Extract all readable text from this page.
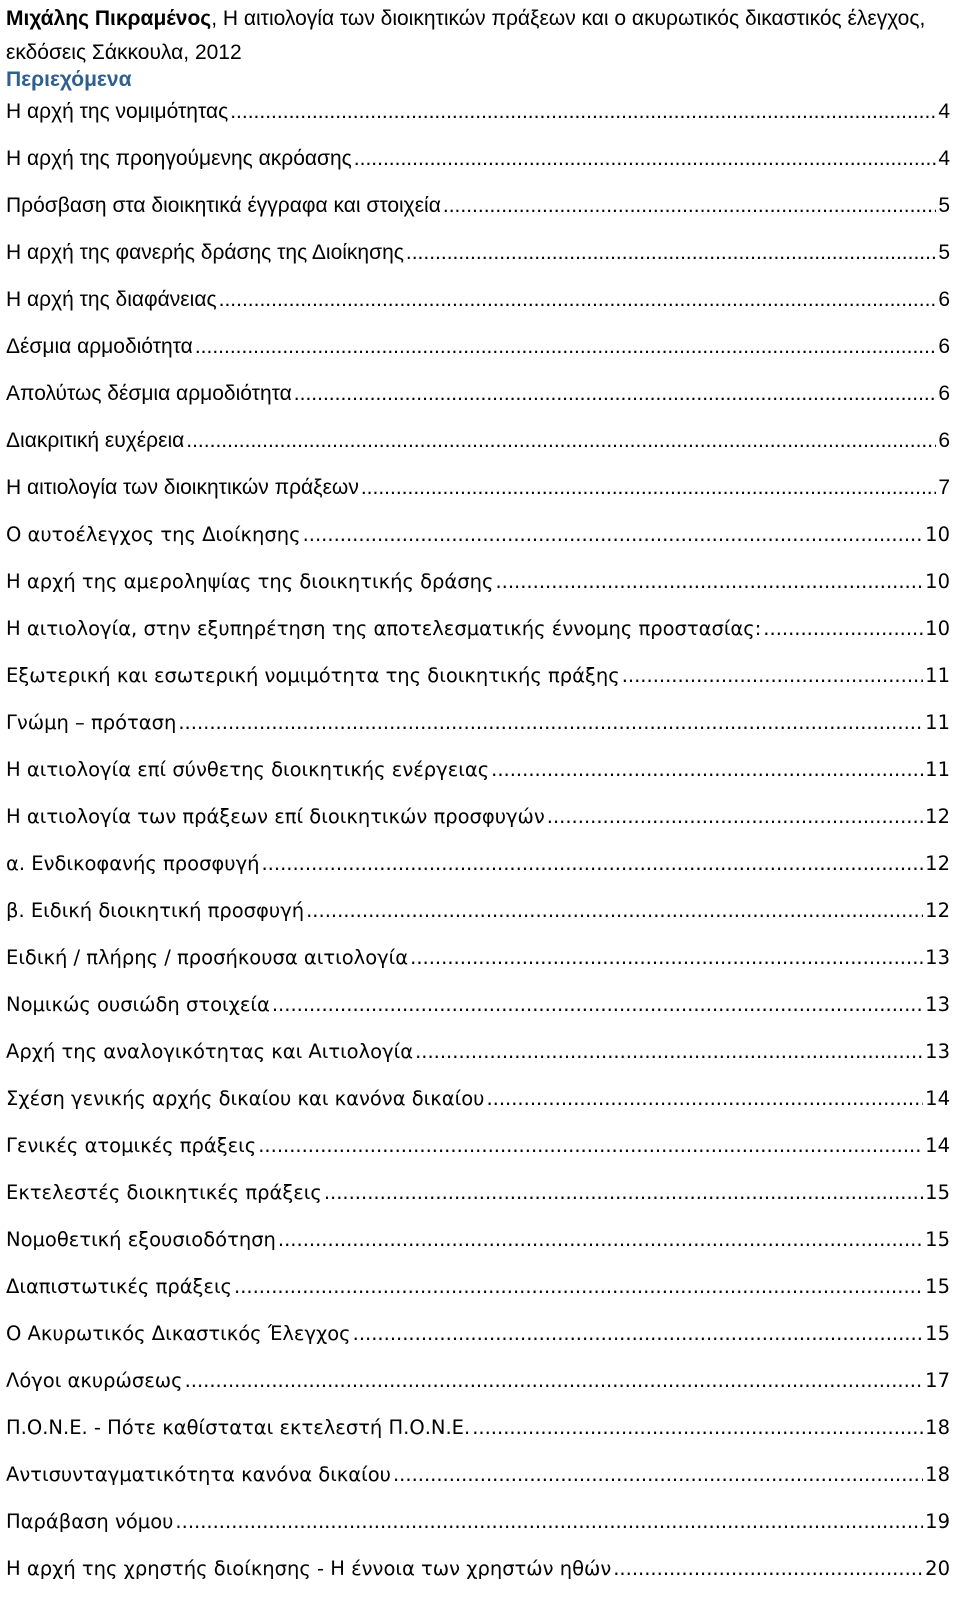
Μιχάλης Πικραμένος, Η αιτιολογία των διοικητικών πράξεων και ο ακυρωτικός δικαστικός έλεγχος, εκδόσεις Σάκκουλα, 2012
Περιεχόμενα
Η αρχή της νομιμότητας .....	4
Η αρχή της προηγούμενης ακρόασης .....	4
Πρόσβαση στα διοικητικά έγγραφα και στοιχεία .....	5
Η αρχή της φανερής δράσης της Διοίκησης .....	5
Η αρχή της διαφάνειας .....	6
Δέσμια αρμοδιότητα .....	6
Απολύτως δέσμια αρμοδιότητα .....	6
Διακριτική ευχέρεια .....	6
Η αιτιολογία των διοικητικών πράξεων .....	7
Ο αυτοέλεγχος της Διοίκησης .....	10
Η αρχή της αμεροληψίας της διοικητικής δράσης .....	10
Η αιτιολογία, στην εξυπηρέτηση της αποτελεσματικής έννομης προστασίας: .....	10
Εξωτερική και εσωτερική νομιμότητα της διοικητικής πράξης .....	11
Γνώμη – πρόταση .....	11
Η αιτιολογία επί σύνθετης διοικητικής ενέργειας .....	11
Η αιτιολογία των πράξεων επί διοικητικών προσφυγών .....	12
α. Ενδικοφανής προσφυγή .....	12
β. Ειδική διοικητική προσφυγή .....	12
Ειδική / πλήρης / προσήκουσα αιτιολογία .....	13
Νομικώς ουσιώδη στοιχεία .....	13
Αρχή της αναλογικότητας και Αιτιολογία .....	13
Σχέση γενικής αρχής δικαίου και κανόνα δικαίου .....	14
Γενικές ατομικές πράξεις .....	14
Εκτελεστές διοικητικές πράξεις .....	15
Νομοθετική εξουσιοδότηση .....	15
Διαπιστωτικές πράξεις .....	15
Ο Ακυρωτικός Δικαστικός Έλεγχος .....	15
Λόγοι ακυρώσεως .....	17
Π.Ο.Ν.Ε. - Πότε καθίσταται εκτελεστή Π.Ο.Ν.Ε. .....	18
Αντισυνταγματικότητα κανόνα δικαίου .....	18
Παράβαση νόμου .....	19
Η αρχή της χρηστής διοίκησης - Η έννοια των χρηστών ηθών .....	20
